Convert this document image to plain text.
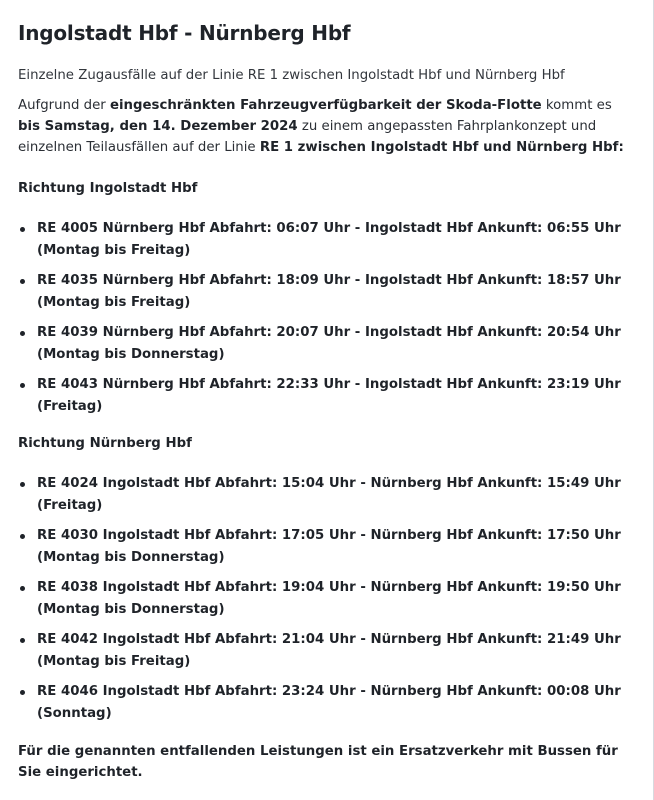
Ingolstadt Hbf - Nürnberg Hbf

Einzelne Zugausfälle auf der Linie RE 1 zwischen Ingolstadt Hbf und Nürnberg Hbf

Aufgrund der eingeschränkten Fahrzeugverfügbarkeit der Skoda-Flotte kommt es bis Samstag, den 14. Dezember 2024 zu einem angepassten Fahrplankonzept und einzelnen Teilausfällen auf der Linie RE 1 zwischen Ingolstadt Hbf und Nürnberg Hbf:

Richtung Ingolstadt Hbf
RE 4005 Nürnberg Hbf Abfahrt: 06:07 Uhr - Ingolstadt Hbf Ankunft: 06:55 Uhr (Montag bis Freitag)
RE 4035 Nürnberg Hbf Abfahrt: 18:09 Uhr - Ingolstadt Hbf Ankunft: 18:57 Uhr (Montag bis Freitag)
RE 4039 Nürnberg Hbf Abfahrt: 20:07 Uhr - Ingolstadt Hbf Ankunft: 20:54 Uhr (Montag bis Donnerstag)
RE 4043 Nürnberg Hbf Abfahrt: 22:33 Uhr - Ingolstadt Hbf Ankunft: 23:19 Uhr (Freitag)
Richtung Nürnberg Hbf
RE 4024 Ingolstadt Hbf Abfahrt: 15:04 Uhr - Nürnberg Hbf Ankunft: 15:49 Uhr (Freitag)
RE 4030 Ingolstadt Hbf Abfahrt: 17:05 Uhr - Nürnberg Hbf Ankunft: 17:50 Uhr (Montag bis Donnerstag)
RE 4038 Ingolstadt Hbf Abfahrt: 19:04 Uhr - Nürnberg Hbf Ankunft: 19:50 Uhr (Montag bis Donnerstag)
RE 4042 Ingolstadt Hbf Abfahrt: 21:04 Uhr - Nürnberg Hbf Ankunft: 21:49 Uhr (Montag bis Freitag)
RE 4046 Ingolstadt Hbf Abfahrt: 23:24 Uhr - Nürnberg Hbf Ankunft: 00:08 Uhr (Sonntag)

Für die genannten entfallenden Leistungen ist ein Ersatzverkehr mit Bussen für Sie eingerichtet.
